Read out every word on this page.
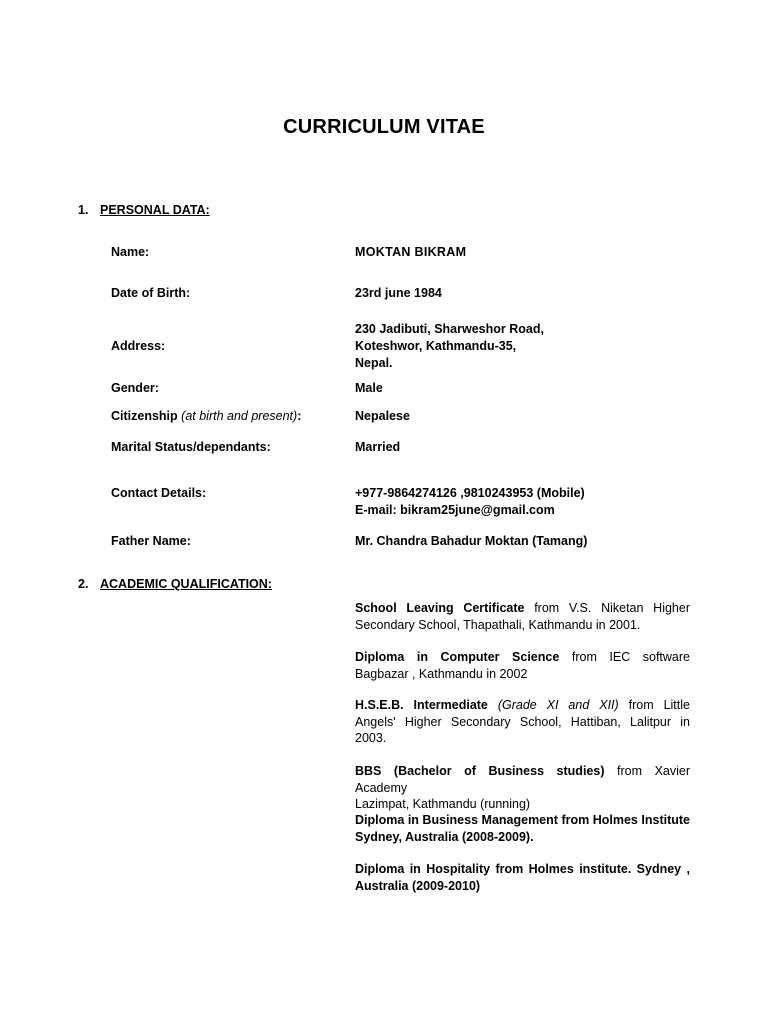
CURRICULUM VITAE
1. PERSONAL DATA:
Name:	MOKTAN BIKRAM
Date of Birth:	23rd june 1984
Address:
230 Jadibuti, Sharweshor Road,
Koteshwor, Kathmandu-35,
Nepal.
Gender:	Male
Citizenship (at birth and present):	Nepalese
Marital Status/dependants:	Married
Contact Details:	+977-9864274126 ,9810243953 (Mobile)
E-mail: bikram25june@gmail.com
Father Name:	Mr. Chandra Bahadur Moktan (Tamang)
2. ACADEMIC QUALIFICATION:
School Leaving Certificate from V.S. Niketan Higher
Secondary School, Thapathali, Kathmandu in 2001.
Diploma in Computer Science from IEC software
Bagbazar , Kathmandu in 2002
H.S.E.B. Intermediate (Grade XI and XII) from Little
Angels' Higher Secondary School, Hattiban, Lalitpur in
2003.
BBS (Bachelor of Business studies) from Xavier Academy
Lazimpat, Kathmandu (running)
Diploma in Business Management from Holmes Institute
Sydney, Australia (2008-2009).
Diploma in Hospitality from Holmes institute. Sydney ,
Australia (2009-2010)
